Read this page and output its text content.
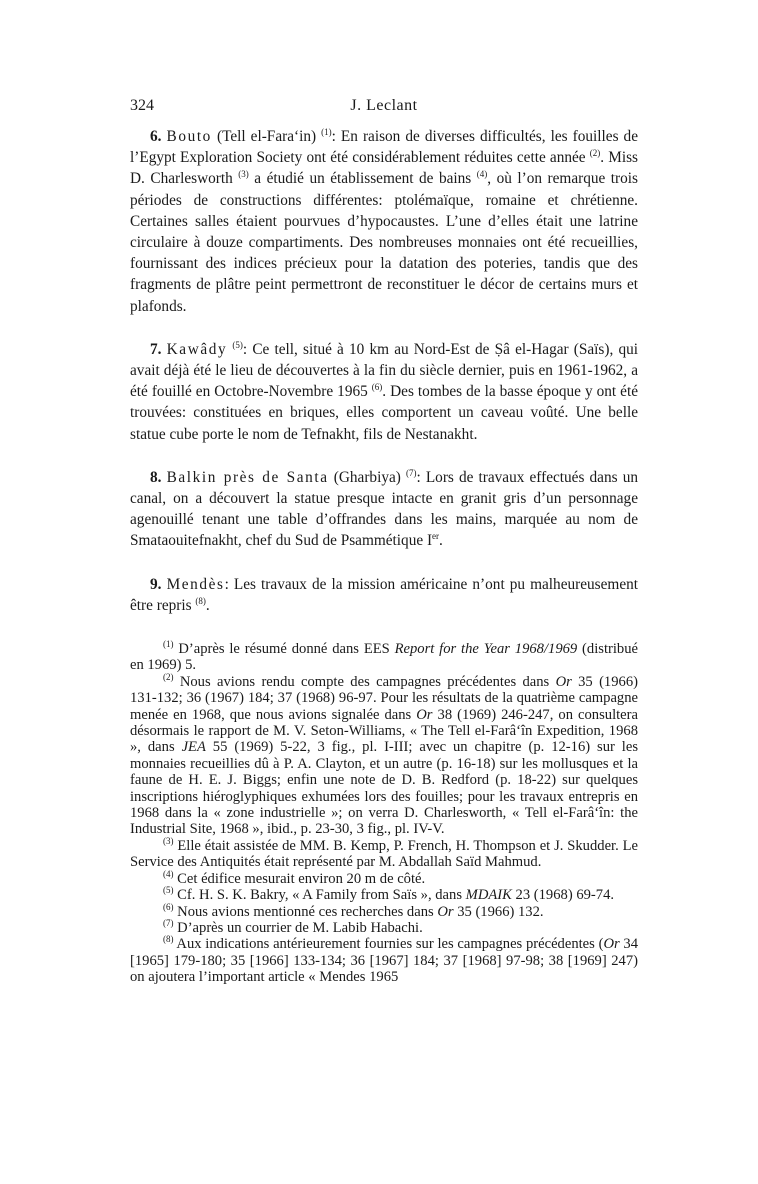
324	J. Leclant

6. Bouto (Tell el-Fara‘in) $^{(1)}$: En raison de diverses difficultés, les fouilles de l’Egypt Exploration Society ont été considérablement réduites cette année $^{(2)}$. Miss D. Charlesworth $^{(3)}$ a étudié un établissement de bains $^{(4)}$, où l’on remarque trois périodes de constructions différentes: ptolémaïque, romaine et chrétienne. Certaines salles étaient pourvues d’hypocaustes. L’une d’elles était une latrine circulaire à douze compartiments. Des nombreuses monnaies ont été recueillies, fournissant des indices précieux pour la datation des poteries, tandis que des fragments de plâtre peint permettront de reconstituer le décor de certains murs et plafonds.

7. Kawâdy $^{(5)}$: Ce tell, situé à 10 km au Nord-Est de Ṣâ el-Hagar (Saïs), qui avait déjà été le lieu de découvertes à la fin du siècle dernier, puis en 1961-1962, a été fouillé en Octobre-Novembre 1965 $^{(6)}$. Des tombes de la basse époque y ont été trouvées: constituées en briques, elles comportent un caveau voûté. Une belle statue cube porte le nom de Tefnakht, fils de Nestanakht.

8. Balkin près de Santa (Gharbiya) $^{(7)}$: Lors de travaux effectués dans un canal, on a découvert la statue presque intacte en granit gris d’un personnage agenouillé tenant une table d’offrandes dans les mains, marquée au nom de Smataouitefnakht, chef du Sud de Psammétique Ier.

9. Mendès: Les travaux de la mission américaine n’ont pu malheureusement être repris $^{(8)}$.

$^{(1)}$ D’après le résumé donné dans EES Report for the Year 1968/1969 (distribué en 1969) 5.

$^{(2)}$ Nous avions rendu compte des campagnes précédentes dans Or 35 (1966) 131-132; 36 (1967) 184; 37 (1968) 96-97. Pour les résultats de la quatrième campagne menée en 1968, que nous avions signalée dans Or 38 (1969) 246-247, on consultera désormais le rapport de M. V. Seton-Williams, « The Tell el-Farâ‘în Expedition, 1968 », dans JEA 55 (1969) 5-22, 3 fig., pl. I-III; avec un chapitre (p. 12-16) sur les monnaies recueillies dû à P. A. Clayton, et un autre (p. 16-18) sur les mollusques et la faune de H. E. J. Biggs; enfin une note de D. B. Redford (p. 18-22) sur quelques inscriptions hiéroglyphiques exhumées lors des fouilles; pour les travaux entrepris en 1968 dans la « zone industrielle »; on verra D. Charlesworth, « Tell el-Farâ‘în: the Industrial Site, 1968 », ibid., p. 23-30, 3 fig., pl. IV-V.

$^{(3)}$ Elle était assistée de MM. B. Kemp, P. French, H. Thompson et J. Skudder. Le Service des Antiquités était représenté par M. Abdallah Saïd Mahmud.

$^{(4)}$ Cet édifice mesurait environ 20 m de côté.

$^{(5)}$ Cf. H. S. K. Bakry, « A Family from Saïs », dans MDAIK 23 (1968) 69-74.

$^{(6)}$ Nous avions mentionné ces recherches dans Or 35 (1966) 132.

$^{(7)}$ D’après un courrier de M. Labib Habachi.

$^{(8)}$ Aux indications antérieurement fournies sur les campagnes précédentes (Or 34 [1965] 179-180; 35 [1966] 133-134; 36 [1967] 184; 37 [1968] 97-98; 38 [1969] 247) on ajoutera l’important article « Mendes 1965
